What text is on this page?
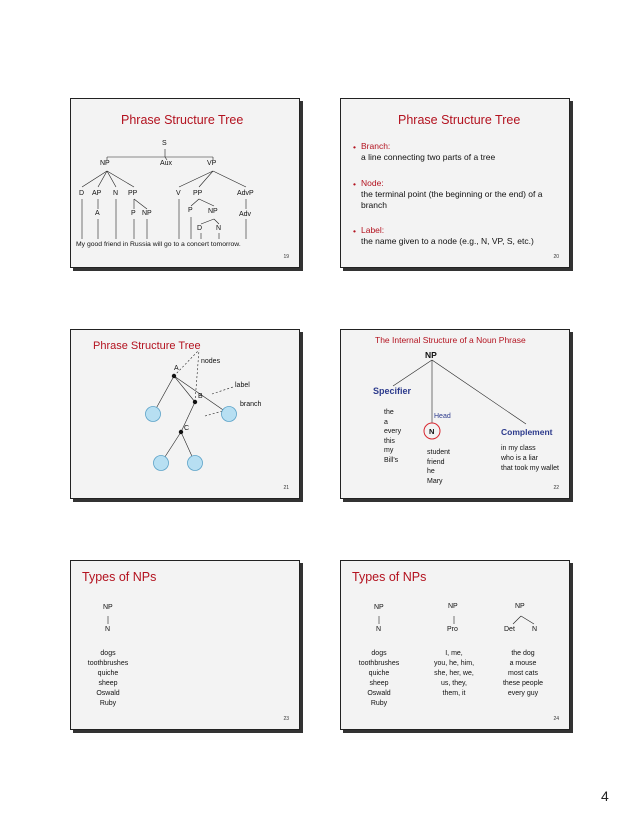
Phrase Structure Tree
S
NP	Aux	VP
D AP N PP	V PP	AdvP
A	P NP	P NP	Adv
D N
My good friend in Russia will go to a concert tomorrow.
19
Phrase Structure Tree
• Branch:
a line connecting two parts of a tree
• Node:
the terminal point (the beginning or the end) of a
branch
• Label:
the name given to a node (e.g., N, VP, S, etc.)
20
Phrase Structure Tree
A
B
C
nodes
label
branch
21
The Internal Structure of a Noun Phrase
NP
Specifier
Head
N	Complement
the
a
every
this
my
Bill's
student
friend
he
Mary
in my class
who is a liar
that took my wallet
22
Types of NPs
NP
N
dogs
toothbrushes
quiche
sheep
Oswald
Ruby
23
Types of NPs
NP
N
dogs
toothbrushes
quiche
sheep
Oswald
Ruby
NP
Pro
I, me,
you, he, him,
she, her, we,
us, they,
them, it
NP
Det N
the dog
a mouse
most cats
these people
every guy
24
4
